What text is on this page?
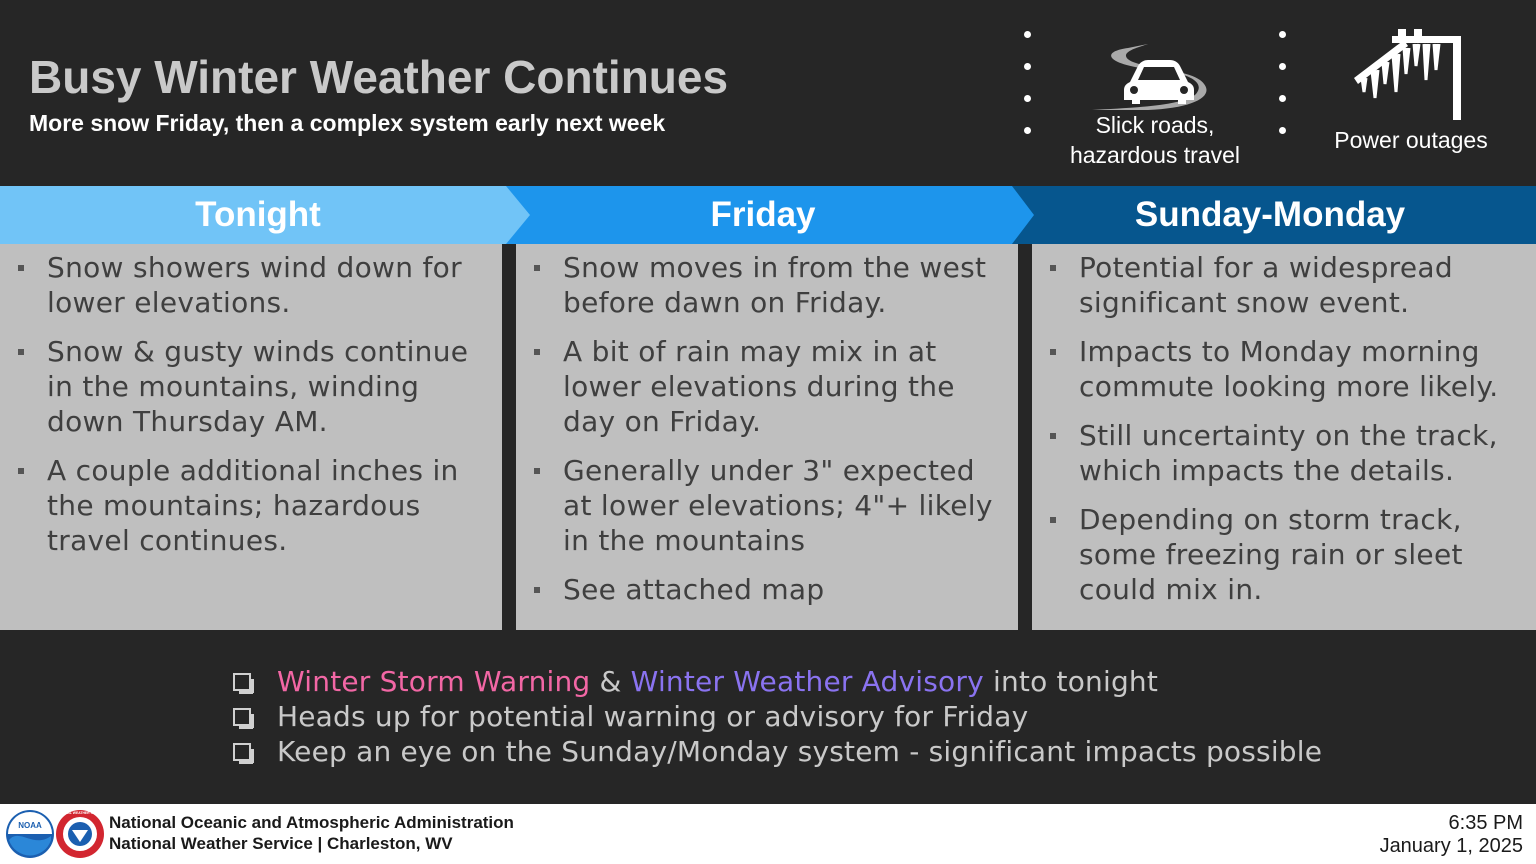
Busy Winter Weather Continues
More snow Friday, then a complex system early next week	Slick roads,
hazardous travel
Power outages
Tonight	Friday	Sunday-Monday
Snow showers wind down for
lower elevations.
Snow & gusty winds continue
in the mountains, winding
down Thursday AM.
A couple additional inches in
the mountains; hazardous
travel continues.
Snow moves in from the west
before dawn on Friday.
A bit of rain may mix in at
lower elevations during the
day on Friday.
Generally under 3" expected
at lower elevations; 4"+ likely
in the mountains
See attached map
Potential for a widespread
significant snow event.
Impacts to Monday morning
commute looking more likely.
Still uncertainty on the track,
which impacts the details.
Depending on storm track,
some freezing rain or sleet
could mix in.
Winter Storm Warning & Winter Weather Advisory into tonight
Heads up for potential warning or advisory for Friday
Keep an eye on the Sunday/Monday system - significant impacts possible
NOAA
NATIONAL WEATHER SERVICE National Oceanic and Atmospheric Administration
National Weather Service | Charleston, WV
6:35 PM
January 1, 2025
